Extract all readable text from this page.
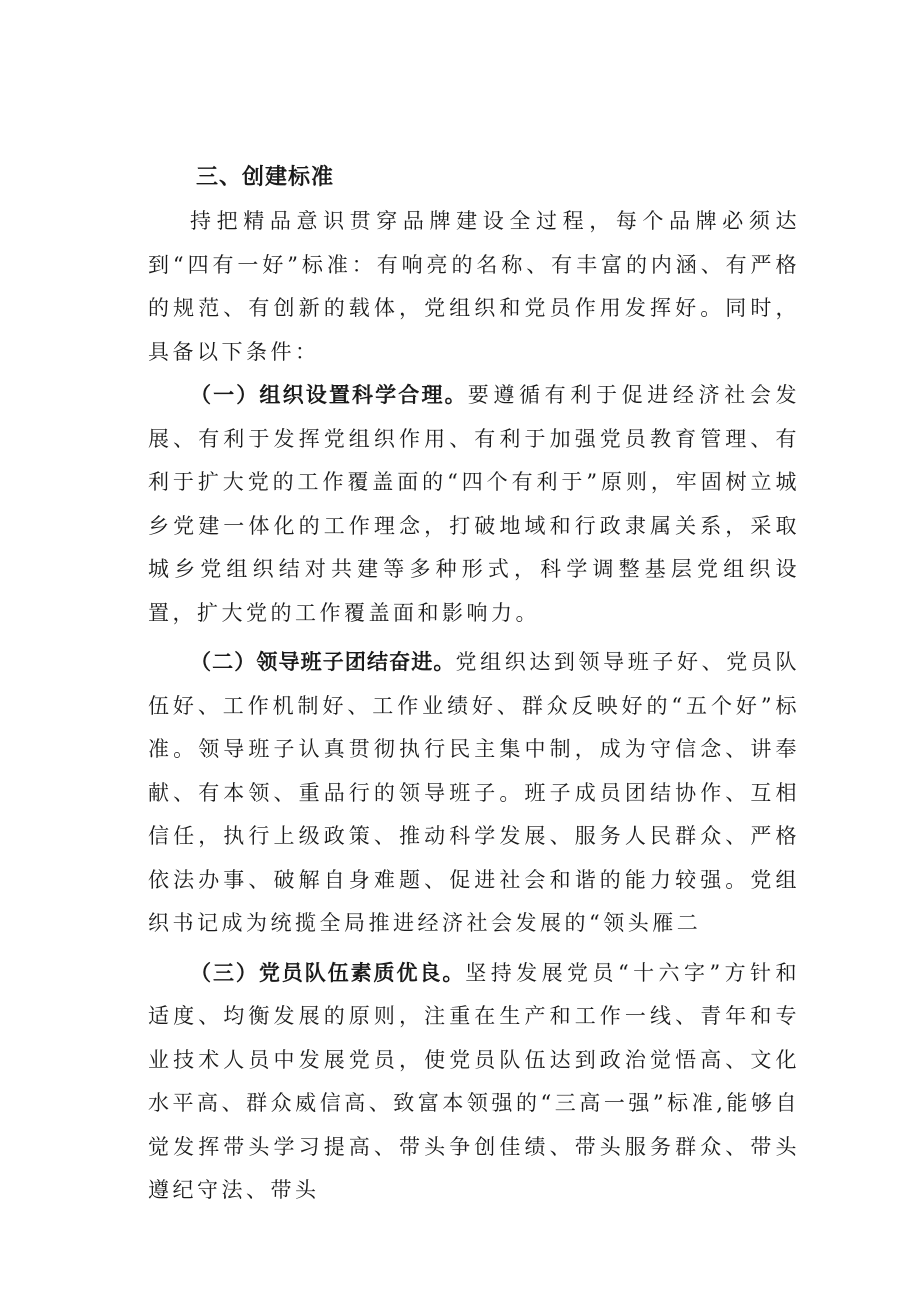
三、创建标准

持把精品意识贯穿品牌建设全过程，每个品牌必须达到“四有一好”标准：有响亮的名称、有丰富的内涵、有严格的规范、有创新的载体，党组织和党员作用发挥好。同时，具备以下条件：

（一）组织设置科学合理。要遵循有利于促进经济社会发展、有利于发挥党组织作用、有利于加强党员教育管理、有利于扩大党的工作覆盖面的“四个有利于”原则，牢固树立城乡党建一体化的工作理念，打破地域和行政隶属关系，采取城乡党组织结对共建等多种形式，科学调整基层党组织设置，扩大党的工作覆盖面和影响力。

（二）领导班子团结奋进。党组织达到领导班子好、党员队伍好、工作机制好、工作业绩好、群众反映好的“五个好”标准。领导班子认真贯彻执行民主集中制，成为守信念、讲奉献、有本领、重品行的领导班子。班子成员团结协作、互相信任，执行上级政策、推动科学发展、服务人民群众、严格依法办事、破解自身难题、促进社会和谐的能力较强。党组织书记成为统揽全局推进经济社会发展的“领头雁二

（三）党员队伍素质优良。坚持发展党员“十六字”方针和适度、均衡发展的原则，注重在生产和工作一线、青年和专业技术人员中发展党员，使党员队伍达到政治觉悟高、文化水平高、群众威信高、致富本领强的“三高一强”标准,能够自觉发挥带头学习提高、带头争创佳绩、带头服务群众、带头遵纪守法、带头
